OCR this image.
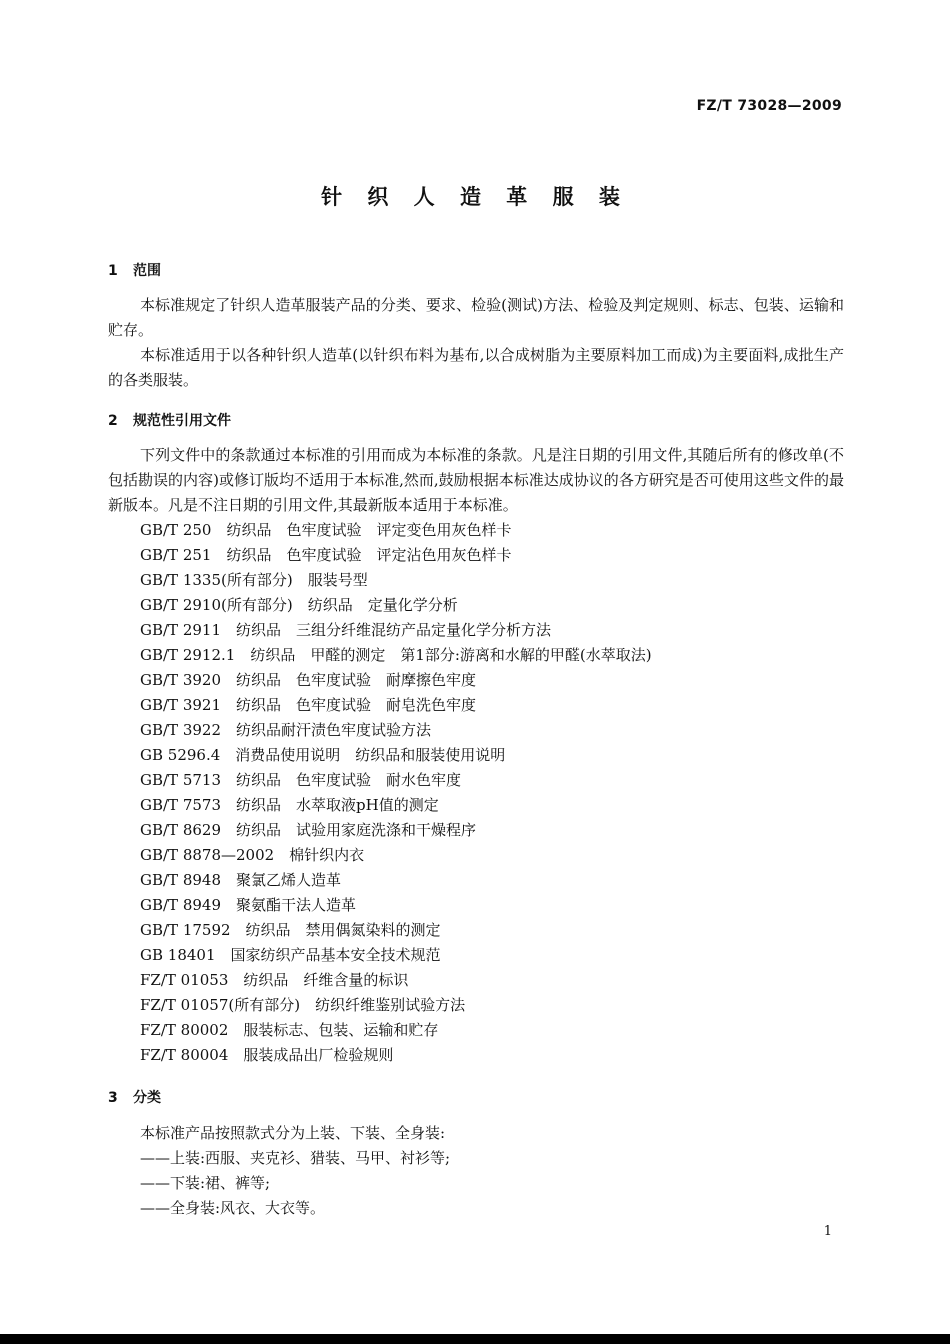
FZ/T 73028—2009
针 织 人 造 革 服 装
1 范围
本标准规定了针织人造革服装产品的分类、要求、检验(测试)方法、检验及判定规则、标志、包装、运输和贮存。
本标准适用于以各种针织人造革(以针织布料为基布,以合成树脂为主要原料加工而成)为主要面料,成批生产的各类服装。
2 规范性引用文件
下列文件中的条款通过本标准的引用而成为本标准的条款。凡是注日期的引用文件,其随后所有的修改单(不包括勘误的内容)或修订版均不适用于本标准,然而,鼓励根据本标准达成协议的各方研究是否可使用这些文件的最新版本。凡是不注日期的引用文件,其最新版本适用于本标准。
GB/T 250　纺织品　色牢度试验　评定变色用灰色样卡
GB/T 251　纺织品　色牢度试验　评定沾色用灰色样卡
GB/T 1335(所有部分)　服装号型
GB/T 2910(所有部分)　纺织品　定量化学分析
GB/T 2911　纺织品　三组分纤维混纺产品定量化学分析方法
GB/T 2912.1　纺织品　甲醛的测定　第1部分:游离和水解的甲醛(水萃取法)
GB/T 3920　纺织品　色牢度试验　耐摩擦色牢度
GB/T 3921　纺织品　色牢度试验　耐皂洗色牢度
GB/T 3922　纺织品耐汗渍色牢度试验方法
GB 5296.4　消费品使用说明　纺织品和服装使用说明
GB/T 5713　纺织品　色牢度试验　耐水色牢度
GB/T 7573　纺织品　水萃取液pH值的测定
GB/T 8629　纺织品　试验用家庭洗涤和干燥程序
GB/T 8878—2002　棉针织内衣
GB/T 8948　聚氯乙烯人造革
GB/T 8949　聚氨酯干法人造革
GB/T 17592　纺织品　禁用偶氮染料的测定
GB 18401　国家纺织产品基本安全技术规范
FZ/T 01053　纺织品　纤维含量的标识
FZ/T 01057(所有部分)　纺织纤维鉴别试验方法
FZ/T 80002　服装标志、包装、运输和贮存
FZ/T 80004　服装成品出厂检验规则
3 分类
本标准产品按照款式分为上装、下装、全身装:
——上装:西服、夹克衫、猎装、马甲、衬衫等;
——下装:裙、裤等;
——全身装:风衣、大衣等。
1
